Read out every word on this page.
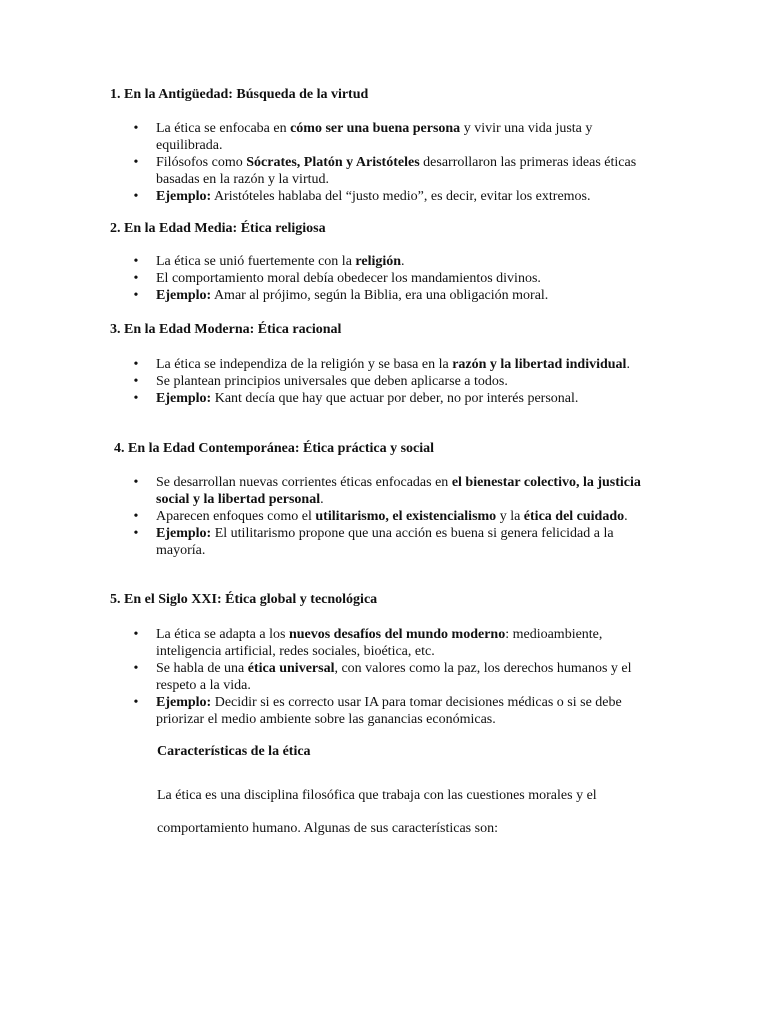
1. En la Antigüedad: Búsqueda de la virtud
• La ética se enfocaba en cómo ser una buena persona y vivir una vida justa y equilibrada.
• Filósofos como Sócrates, Platón y Aristóteles desarrollaron las primeras ideas éticas basadas en la razón y la virtud.
• Ejemplo: Aristóteles hablaba del “justo medio”, es decir, evitar los extremos.
2. En la Edad Media: Ética religiosa
• La ética se unió fuertemente con la religión.
• El comportamiento moral debía obedecer los mandamientos divinos.
• Ejemplo: Amar al prójimo, según la Biblia, era una obligación moral.
3. En la Edad Moderna: Ética racional
• La ética se independiza de la religión y se basa en la razón y la libertad individual.
• Se plantean principios universales que deben aplicarse a todos.
• Ejemplo: Kant decía que hay que actuar por deber, no por interés personal.
4. En la Edad Contemporánea: Ética práctica y social
• Se desarrollan nuevas corrientes éticas enfocadas en el bienestar colectivo, la justicia social y la libertad personal.
• Aparecen enfoques como el utilitarismo, el existencialismo y la ética del cuidado.
• Ejemplo: El utilitarismo propone que una acción es buena si genera felicidad a la mayoría.
5. En el Siglo XXI: Ética global y tecnológica
• La ética se adapta a los nuevos desafíos del mundo moderno: medioambiente, inteligencia artificial, redes sociales, bioética, etc.
• Se habla de una ética universal, con valores como la paz, los derechos humanos y el respeto a la vida.
• Ejemplo: Decidir si es correcto usar IA para tomar decisiones médicas o si se debe priorizar el medio ambiente sobre las ganancias económicas.
Características de la ética

La ética es una disciplina filosófica que trabaja con las cuestiones morales y el

comportamiento humano. Algunas de sus características son:
